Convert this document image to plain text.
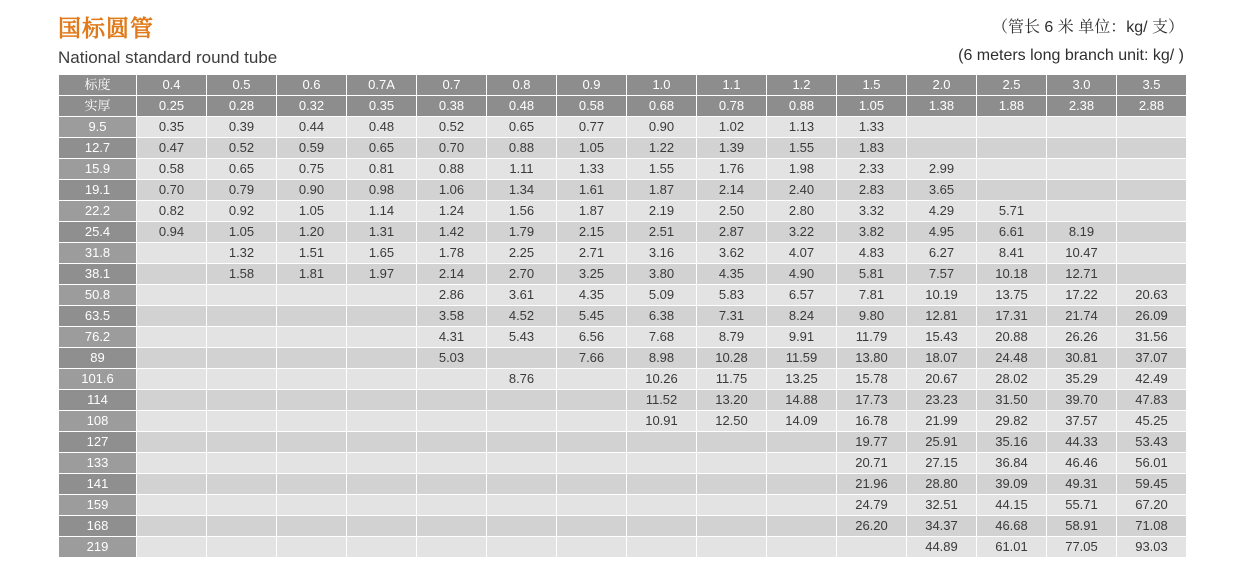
国标圆管
National standard round tube
（管长 6 米 单位：kg/ 支）
(6 meters long branch unit: kg/ )
标度	0.4	0.5	0.6	0.7A	0.7	0.8	0.9	1.0	1.1	1.2	1.5	2.0	2.5	3.0	3.5
实厚	0.25	0.28	0.32	0.35	0.38	0.48	0.58	0.68	0.78	0.88	1.05	1.38	1.88	2.38	2.88
9.5	0.35	0.39	0.44	0.48	0.52	0.65	0.77	0.90	1.02	1.13	1.33				
12.7	0.47	0.52	0.59	0.65	0.70	0.88	1.05	1.22	1.39	1.55	1.83				
15.9	0.58	0.65	0.75	0.81	0.88	1.11	1.33	1.55	1.76	1.98	2.33	2.99			
19.1	0.70	0.79	0.90	0.98	1.06	1.34	1.61	1.87	2.14	2.40	2.83	3.65			
22.2	0.82	0.92	1.05	1.14	1.24	1.56	1.87	2.19	2.50	2.80	3.32	4.29	5.71		
25.4	0.94	1.05	1.20	1.31	1.42	1.79	2.15	2.51	2.87	3.22	3.82	4.95	6.61	8.19	
31.8		1.32	1.51	1.65	1.78	2.25	2.71	3.16	3.62	4.07	4.83	6.27	8.41	10.47	
38.1		1.58	1.81	1.97	2.14	2.70	3.25	3.80	4.35	4.90	5.81	7.57	10.18	12.71	
50.8					2.86	3.61	4.35	5.09	5.83	6.57	7.81	10.19	13.75	17.22	20.63
63.5					3.58	4.52	5.45	6.38	7.31	8.24	9.80	12.81	17.31	21.74	26.09
76.2					4.31	5.43	6.56	7.68	8.79	9.91	11.79	15.43	20.88	26.26	31.56
89					5.03		7.66	8.98	10.28	11.59	13.80	18.07	24.48	30.81	37.07
101.6						8.76		10.26	11.75	13.25	15.78	20.67	28.02	35.29	42.49
114								11.52	13.20	14.88	17.73	23.23	31.50	39.70	47.83
108								10.91	12.50	14.09	16.78	21.99	29.82	37.57	45.25
127											19.77	25.91	35.16	44.33	53.43
133											20.71	27.15	36.84	46.46	56.01
141											21.96	28.80	39.09	49.31	59.45
159											24.79	32.51	44.15	55.71	67.20
168											26.20	34.37	46.68	58.91	71.08
219												44.89	61.01	77.05	93.03
